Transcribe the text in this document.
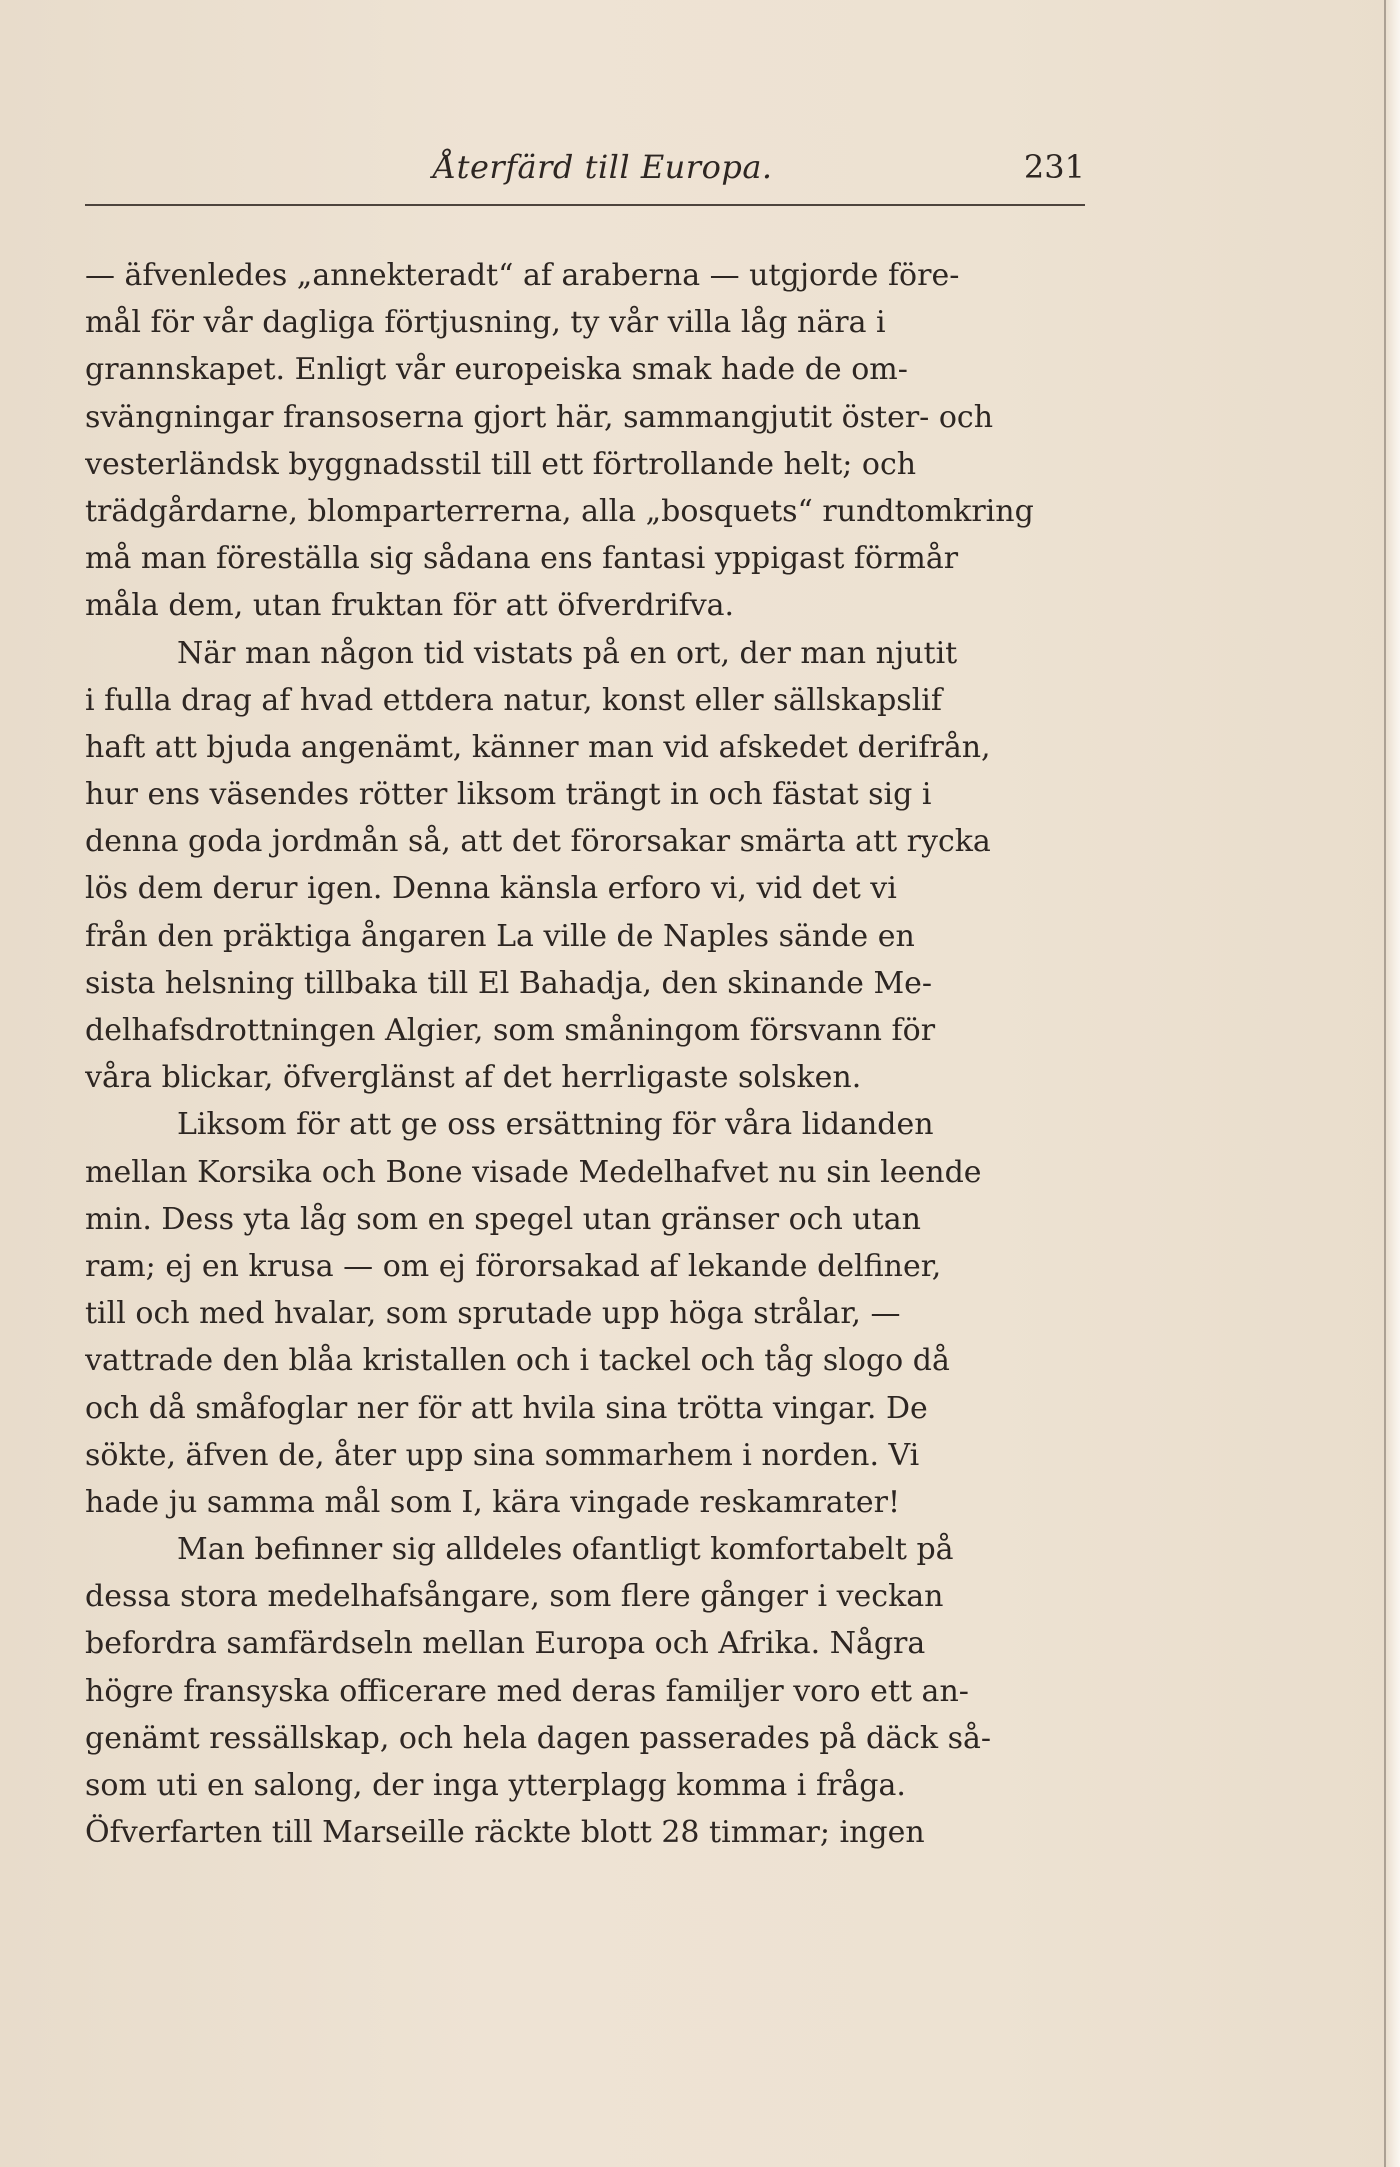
Återfärd till Europa.	231
— äfvenledes „annekteradt“ af araberna — utgjorde före-
mål för vår dagliga förtjusning, ty vår villa låg nära i
grannskapet. Enligt vår europeiska smak hade de om-
svängningar fransoserna gjort här, sammangjutit öster- och
vesterländsk byggnadsstil till ett förtrollande helt; och
trädgårdarne, blomparterrerna, alla „bosquets“ rundtomkring
må man föreställa sig sådana ens fantasi yppigast förmår
måla dem, utan fruktan för att öfverdrifva.
När man någon tid vistats på en ort, der man njutit
i fulla drag af hvad ettdera natur, konst eller sällskapslif
haft att bjuda angenämt, känner man vid afskedet derifrån,
hur ens väsendes rötter liksom trängt in och fästat sig i
denna goda jordmån så, att det förorsakar smärta att rycka
lös dem derur igen. Denna känsla erforo vi, vid det vi
från den präktiga ångaren La ville de Naples sände en
sista helsning tillbaka till El Bahadja, den skinande Me-
delhafsdrottningen Algier, som småningom försvann för
våra blickar, öfverglänst af det herrligaste solsken.
Liksom för att ge oss ersättning för våra lidanden
mellan Korsika och Bone visade Medelhafvet nu sin leende
min. Dess yta låg som en spegel utan gränser och utan
ram; ej en krusa — om ej förorsakad af lekande delfiner,
till och med hvalar, som sprutade upp höga strålar, —
vattrade den blåa kristallen och i tackel och tåg slogo då
och då småfoglar ner för att hvila sina trötta vingar. De
sökte, äfven de, åter upp sina sommarhem i norden. Vi
hade ju samma mål som I, kära vingade reskamrater!
Man befinner sig alldeles ofantligt komfortabelt på
dessa stora medelhafsångare, som flere gånger i veckan
befordra samfärdseln mellan Europa och Afrika. Några
högre fransyska officerare med deras familjer voro ett an-
genämt ressällskap, och hela dagen passerades på däck så-
som uti en salong, der inga ytterplagg komma i fråga.
Öfverfarten till Marseille räckte blott 28 timmar; ingen
